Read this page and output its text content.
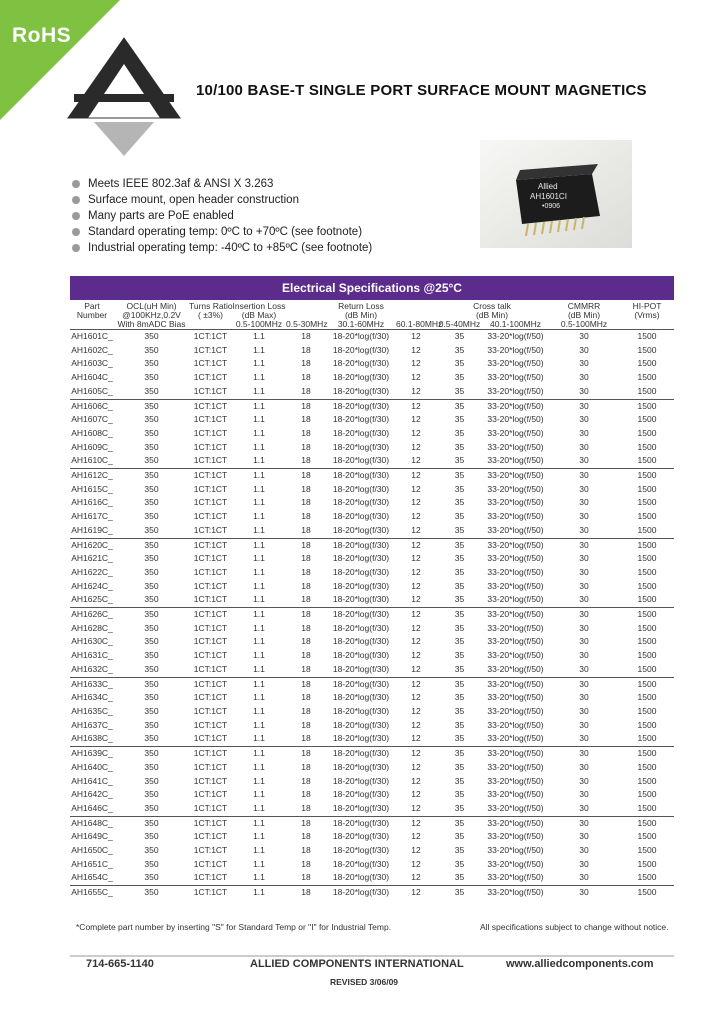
RoHS
10/100 BASE-T SINGLE PORT SURFACE MOUNT MAGNETICS
Meets IEEE 802.3af & ANSI X 3.263
Surface mount, open header construction
Many parts are PoE enabled
Standard operating temp: 0ºC to +70ºC (see footnote)
Industrial operating temp: -40ºC to +85ºC (see footnote)
Allied
AH1601CI
•0906
Electrical Specifications @25°C
Part
Number	OCL(uH Min)
@100KHz,0.2V	Turns Ratio
( ±3%)	Insertion Loss
(dB Max)	Return Loss
(dB Min)			Cross talk
(dB Min)		CMMRR
(dB Min)	HI-POT
(Vrms)
	With 8mADC Bias		0.5-100MHz	0.5-30MHz	30.1-60MHz	60.1-80MHz	0.5-40MHz	40.1-100MHz	0.5-100MHz	
AH1601C_	350	1CT:1CT	1.1	18	18-20*log(f/30)	12	35	33-20*log(f/50)	30	1500
AH1602C_	350	1CT:1CT	1.1	18	18-20*log(f/30)	12	35	33-20*log(f/50)	30	1500
AH1603C_	350	1CT:1CT	1.1	18	18-20*log(f/30)	12	35	33-20*log(f/50)	30	1500
AH1604C_	350	1CT:1CT	1.1	18	18-20*log(f/30)	12	35	33-20*log(f/50)	30	1500
AH1605C_	350	1CT:1CT	1.1	18	18-20*log(f/30)	12	35	33-20*log(f/50)	30	1500
AH1606C_	350	1CT:1CT	1.1	18	18-20*log(f/30)	12	35	33-20*log(f/50)	30	1500
AH1607C_	350	1CT:1CT	1.1	18	18-20*log(f/30)	12	35	33-20*log(f/50)	30	1500
AH1608C_	350	1CT:1CT	1.1	18	18-20*log(f/30)	12	35	33-20*log(f/50)	30	1500
AH1609C_	350	1CT:1CT	1.1	18	18-20*log(f/30)	12	35	33-20*log(f/50)	30	1500
AH1610C_	350	1CT:1CT	1.1	18	18-20*log(f/30)	12	35	33-20*log(f/50)	30	1500
AH1612C_	350	1CT:1CT	1.1	18	18-20*log(f/30)	12	35	33-20*log(f/50)	30	1500
AH1615C_	350	1CT:1CT	1.1	18	18-20*log(f/30)	12	35	33-20*log(f/50)	30	1500
AH1616C_	350	1CT:1CT	1.1	18	18-20*log(f/30)	12	35	33-20*log(f/50)	30	1500
AH1617C_	350	1CT:1CT	1.1	18	18-20*log(f/30)	12	35	33-20*log(f/50)	30	1500
AH1619C_	350	1CT:1CT	1.1	18	18-20*log(f/30)	12	35	33-20*log(f/50)	30	1500
AH1620C_	350	1CT:1CT	1.1	18	18-20*log(f/30)	12	35	33-20*log(f/50)	30	1500
AH1621C_	350	1CT:1CT	1.1	18	18-20*log(f/30)	12	35	33-20*log(f/50)	30	1500
AH1622C_	350	1CT:1CT	1.1	18	18-20*log(f/30)	12	35	33-20*log(f/50)	30	1500
AH1624C_	350	1CT:1CT	1.1	18	18-20*log(f/30)	12	35	33-20*log(f/50)	30	1500
AH1625C_	350	1CT:1CT	1.1	18	18-20*log(f/30)	12	35	33-20*log(f/50)	30	1500
AH1626C_	350	1CT:1CT	1.1	18	18-20*log(f/30)	12	35	33-20*log(f/50)	30	1500
AH1628C_	350	1CT:1CT	1.1	18	18-20*log(f/30)	12	35	33-20*log(f/50)	30	1500
AH1630C_	350	1CT:1CT	1.1	18	18-20*log(f/30)	12	35	33-20*log(f/50)	30	1500
AH1631C_	350	1CT:1CT	1.1	18	18-20*log(f/30)	12	35	33-20*log(f/50)	30	1500
AH1632C_	350	1CT:1CT	1.1	18	18-20*log(f/30)	12	35	33-20*log(f/50)	30	1500
AH1633C_	350	1CT:1CT	1.1	18	18-20*log(f/30)	12	35	33-20*log(f/50)	30	1500
AH1634C_	350	1CT:1CT	1.1	18	18-20*log(f/30)	12	35	33-20*log(f/50)	30	1500
AH1635C_	350	1CT:1CT	1.1	18	18-20*log(f/30)	12	35	33-20*log(f/50)	30	1500
AH1637C_	350	1CT:1CT	1.1	18	18-20*log(f/30)	12	35	33-20*log(f/50)	30	1500
AH1638C_	350	1CT:1CT	1.1	18	18-20*log(f/30)	12	35	33-20*log(f/50)	30	1500
AH1639C_	350	1CT:1CT	1.1	18	18-20*log(f/30)	12	35	33-20*log(f/50)	30	1500
AH1640C_	350	1CT:1CT	1.1	18	18-20*log(f/30)	12	35	33-20*log(f/50)	30	1500
AH1641C_	350	1CT:1CT	1.1	18	18-20*log(f/30)	12	35	33-20*log(f/50)	30	1500
AH1642C_	350	1CT:1CT	1.1	18	18-20*log(f/30)	12	35	33-20*log(f/50)	30	1500
AH1646C_	350	1CT:1CT	1.1	18	18-20*log(f/30)	12	35	33-20*log(f/50)	30	1500
AH1648C_	350	1CT:1CT	1.1	18	18-20*log(f/30)	12	35	33-20*log(f/50)	30	1500
AH1649C_	350	1CT:1CT	1.1	18	18-20*log(f/30)	12	35	33-20*log(f/50)	30	1500
AH1650C_	350	1CT:1CT	1.1	18	18-20*log(f/30)	12	35	33-20*log(f/50)	30	1500
AH1651C_	350	1CT:1CT	1.1	18	18-20*log(f/30)	12	35	33-20*log(f/50)	30	1500
AH1654C_	350	1CT:1CT	1.1	18	18-20*log(f/30)	12	35	33-20*log(f/50)	30	1500
AH1655C_	350	1CT:1CT	1.1	18	18-20*log(f/30)	12	35	33-20*log(f/50)	30	1500
*Complete part number by inserting "S" for Standard Temp or "I" for Industrial Temp.	All specifications subject to change without notice.
714-665-1140	ALLIED COMPONENTS INTERNATIONAL	www.alliedcomponents.com
REVISED 3/06/09
